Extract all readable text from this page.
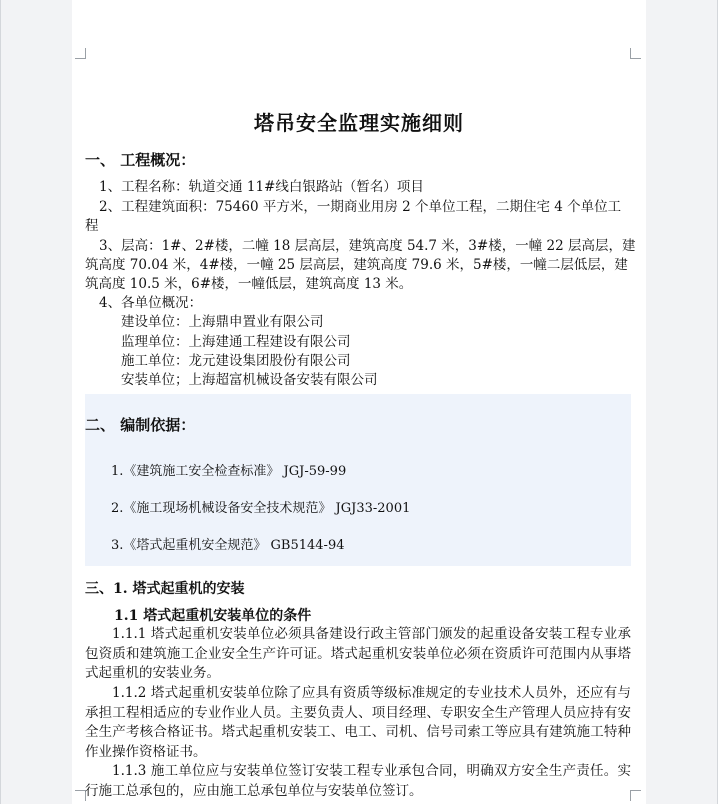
塔吊安全监理实施细则
一、 工程概况：
1、工程名称：轨道交通 11#线白银路站（暂名）项目
2、工程建筑面积：75460 平方米，一期商业用房 2 个单位工程，二期住宅 4 个单位工
程
3、层高：1#、2#楼，二幢 18 层高层，建筑高度 54.7 米，3#楼，一幢 22 层高层，建
筑高度 70.04 米，4#楼，一幢 25 层高层，建筑高度 79.6 米，5#楼，一幢二层低层，建
筑高度 10.5 米，6#楼，一幢低层，建筑高度 13 米。
4、各单位概况：
建设单位：上海鼎申置业有限公司
监理单位：上海建通工程建设有限公司
施工单位：龙元建设集团股份有限公司
安装单位；上海超富机械设备安装有限公司
二、 编制依据：
1.《建筑施工安全检查标准》 JGJ-59-99
2.《施工现场机械设备安全技术规范》 JGJ33-2001
3.《塔式起重机安全规范》 GB5144-94
三、1. 塔式起重机的安装
1.1 塔式起重机安装单位的条件
1.1.1 塔式起重机安装单位必须具备建设行政主管部门颁发的起重设备安装工程专业承包资质和建筑施工企业安全生产许可证。塔式起重机安装单位必须在资质许可范围内从事塔式起重机的安装业务。
1.1.2 塔式起重机安装单位除了应具有资质等级标准规定的专业技术人员外，还应有与承担工程相适应的专业作业人员。主要负责人、项目经理、专职安全生产管理人员应持有安全生产考核合格证书。塔式起重机安装工、电工、司机、信号司索工等应具有建筑施工特种作业操作资格证书。
1.1.3 施工单位应与安装单位签订安装工程专业承包合同，明确双方安全生产责任。实行施工总承包的，应由施工总承包单位与安装单位签订。
